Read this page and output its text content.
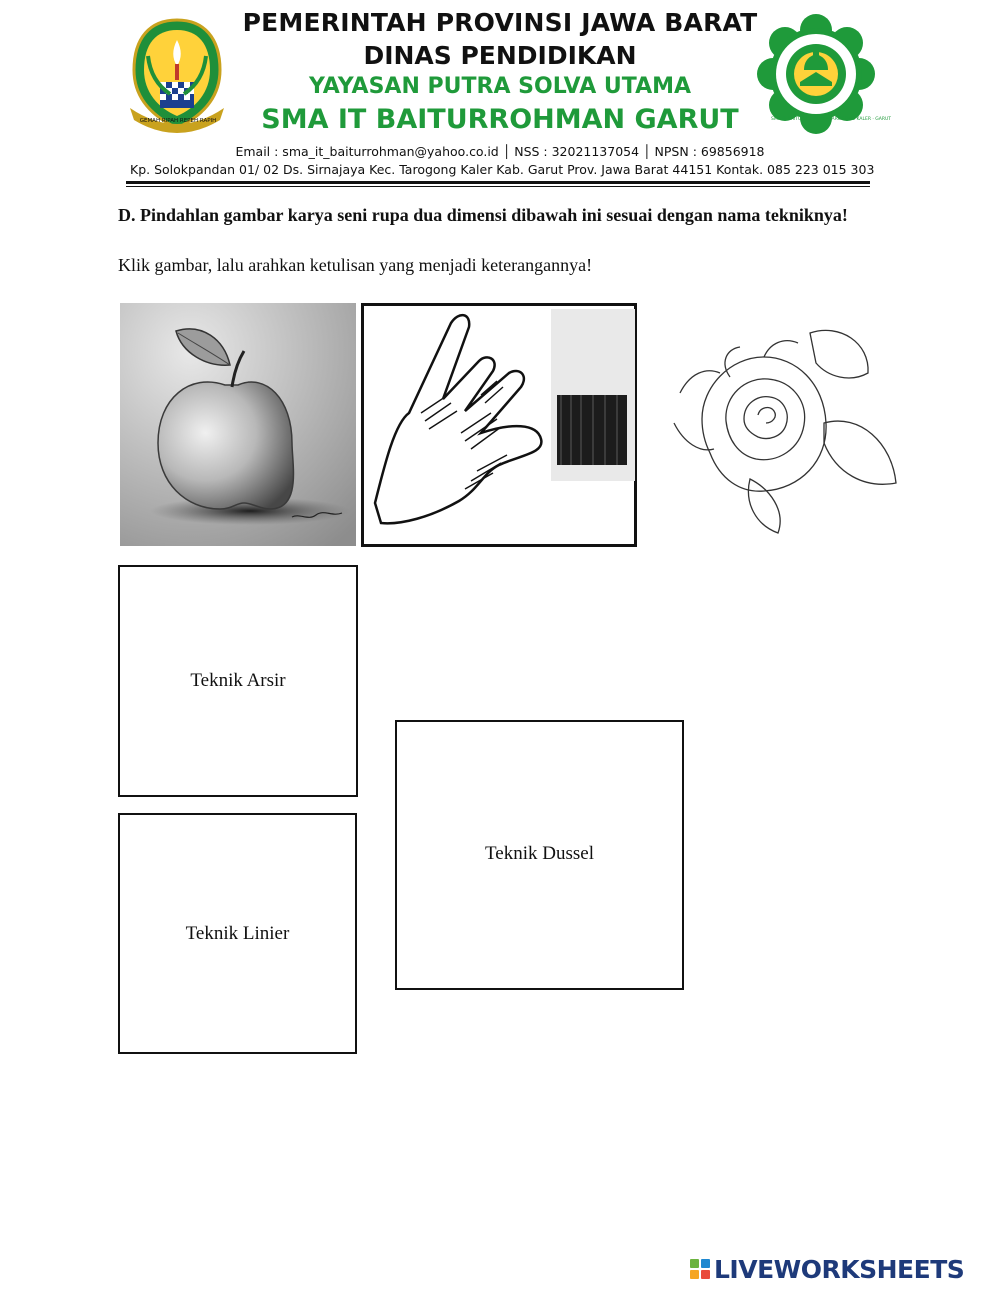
GEMAH RIPAH REPEH RAPIH
PEMERINTAH PROVINSI JAWA BARAT
DINAS PENDIDIKAN
YAYASAN PUTRA SOLVA UTAMA
SMA IT BAITURROHMAN GARUT
Email : sma_it_baiturrohman@yahoo.co.id │ NSS : 32021137054 │ NPSN : 69856918
Kp. Solokpandan 01/ 02 Ds. Sirnajaya Kec. Tarogong Kaler Kab. Garut Prov. Jawa Barat 44151 Kontak. 085 223 015 303
SMA IT BAITURROHMAN · TAROGONG KALER · GARUT
D. Pindahlan gambar karya seni rupa dua dimensi dibawah ini sesuai dengan nama tekniknya!
Klik gambar, lalu arahkan ketulisan yang menjadi keterangannya!
Teknik Arsir
Teknik Dussel
Teknik Linier
LIVEWORKSHEETS
